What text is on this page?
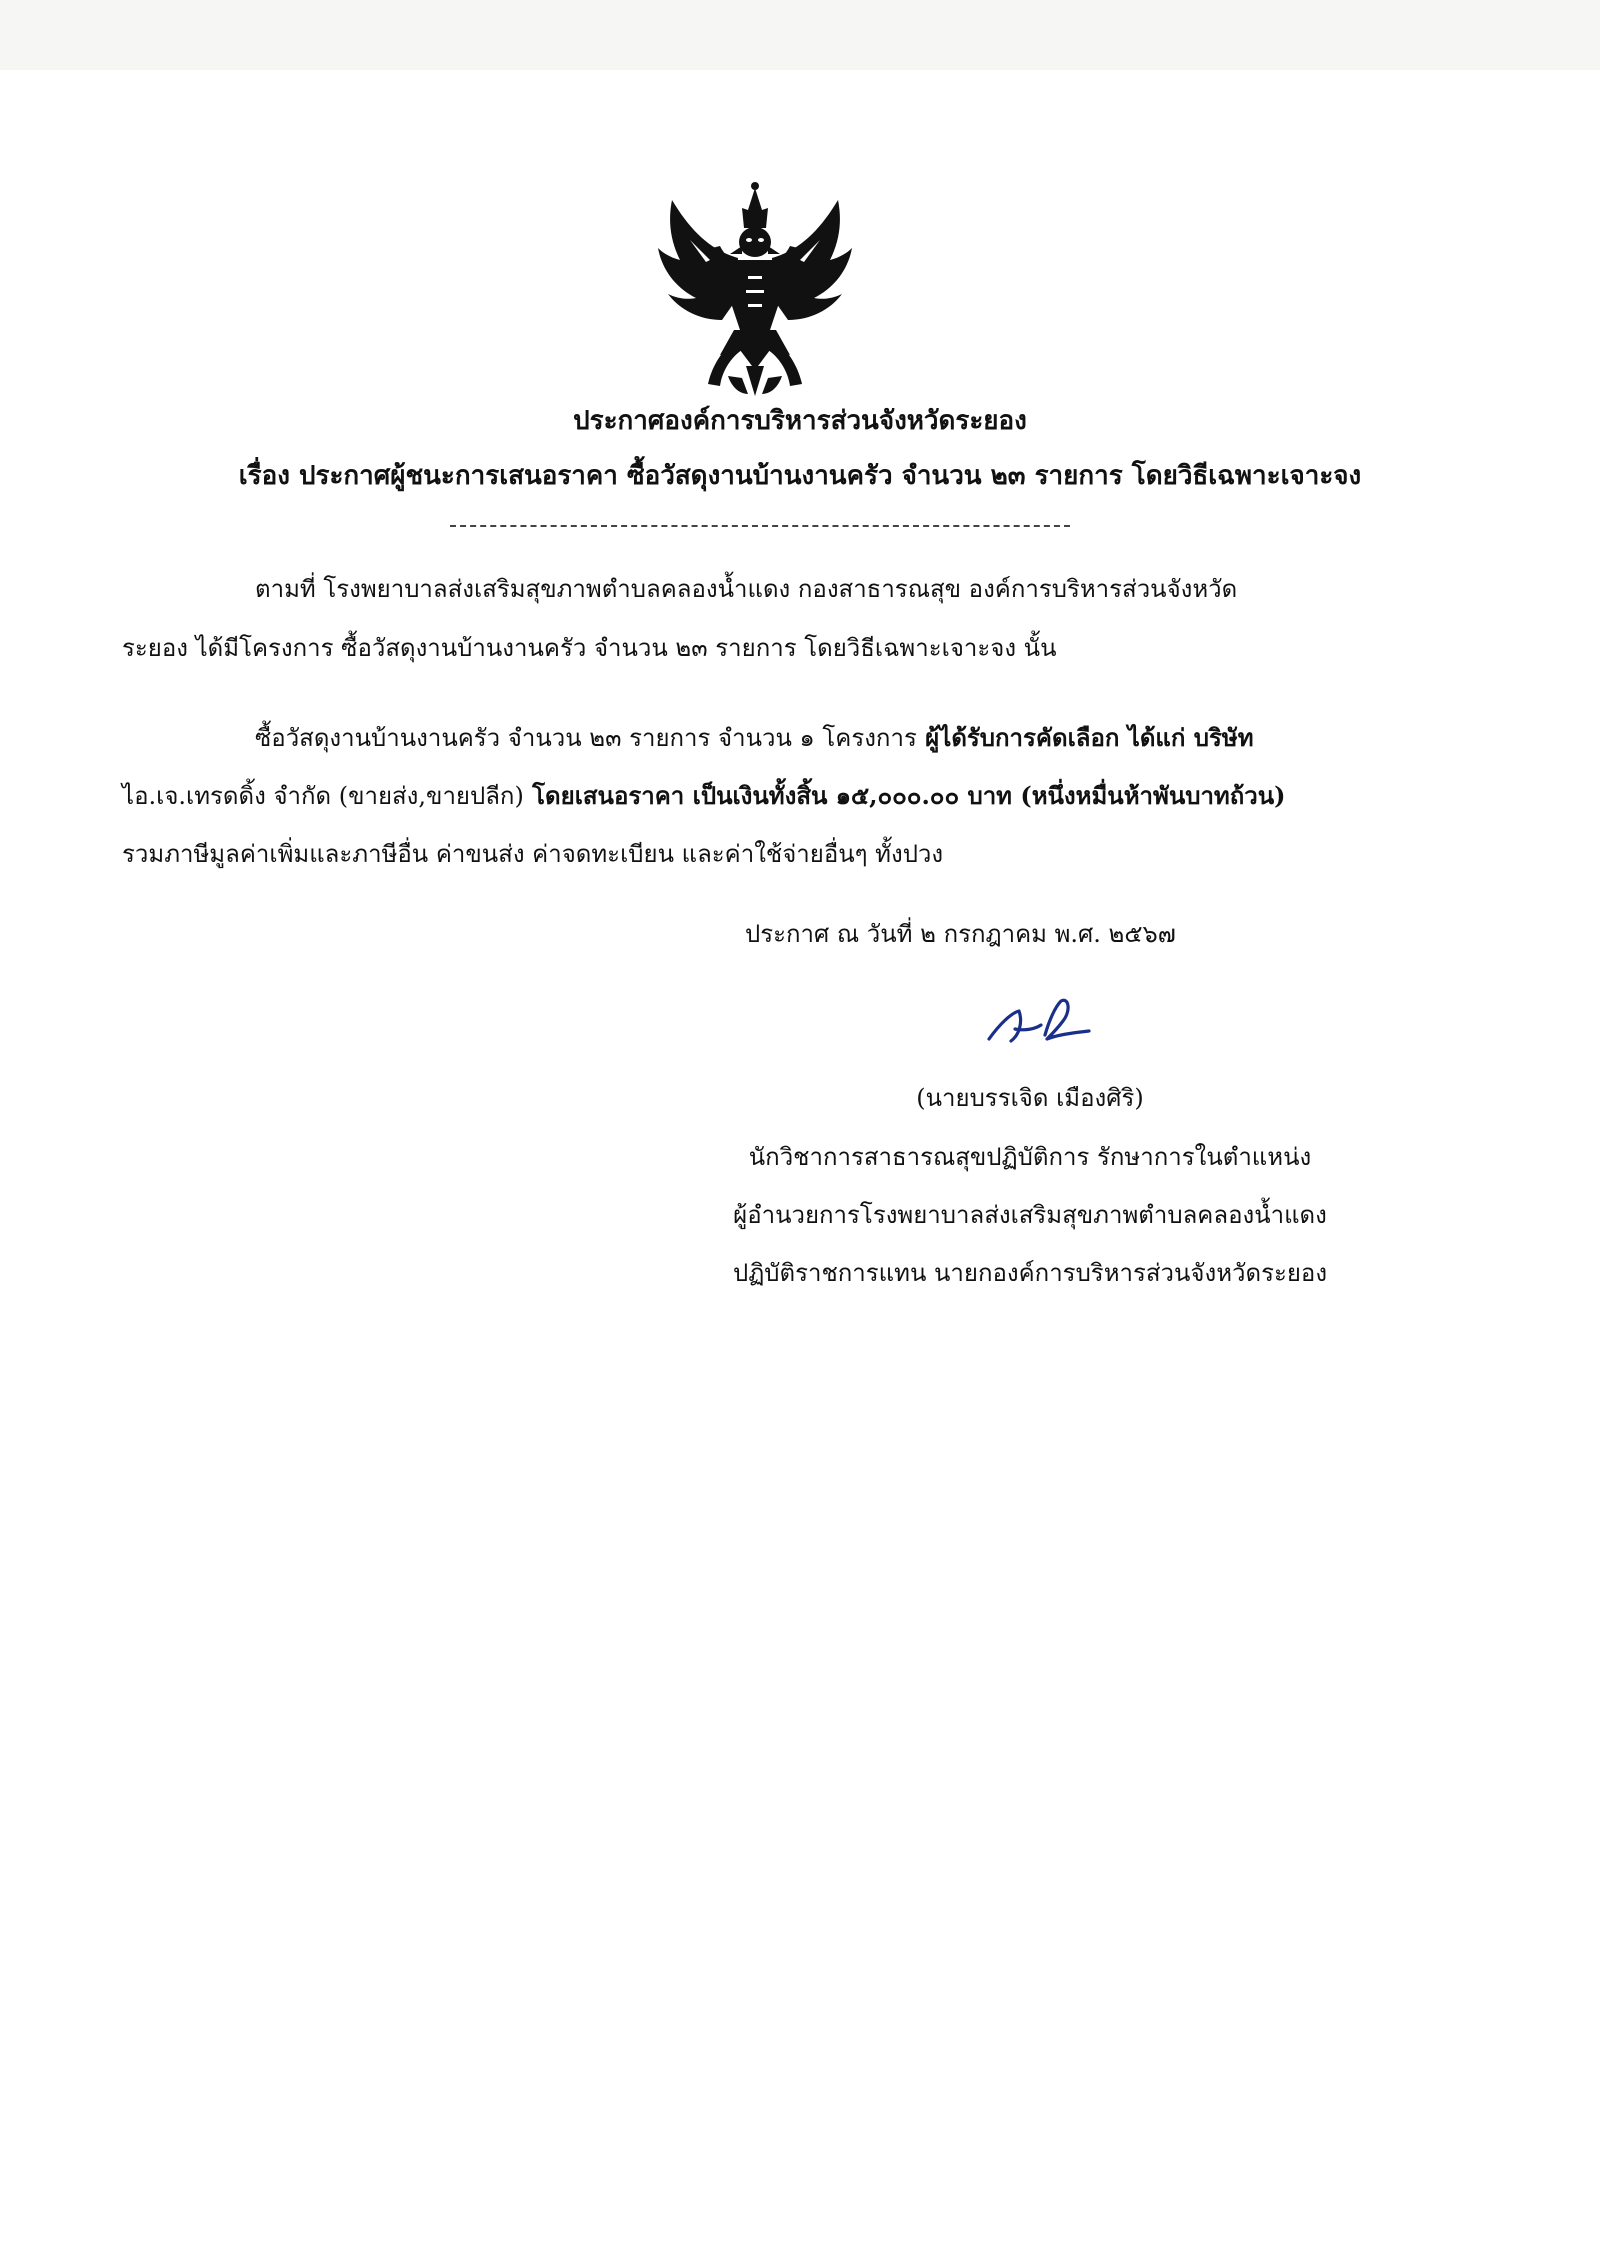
ประกาศองค์การบริหารส่วนจังหวัดระยอง
เรื่อง ประกาศผู้ชนะการเสนอราคา ซื้อวัสดุงานบ้านงานครัว จำนวน ๒๓ รายการ โดยวิธีเฉพาะเจาะจง
ตามที่ โรงพยาบาลส่งเสริมสุขภาพตำบลคลองน้ำแดง กองสาธารณสุข องค์การบริหารส่วนจังหวัด
ระยอง ได้มีโครงการ ซื้อวัสดุงานบ้านงานครัว จำนวน ๒๓ รายการ โดยวิธีเฉพาะเจาะจง นั้น
ซื้อวัสดุงานบ้านงานครัว จำนวน ๒๓ รายการ จำนวน ๑ โครงการ ผู้ได้รับการคัดเลือก ได้แก่ บริษัท
ไอ.เจ.เทรดดิ้ง จำกัด (ขายส่ง,ขายปลีก) โดยเสนอราคา เป็นเงินทั้งสิ้น ๑๕,๐๐๐.๐๐ บาท (หนึ่งหมื่นห้าพันบาทถ้วน)
รวมภาษีมูลค่าเพิ่มและภาษีอื่น ค่าขนส่ง ค่าจดทะเบียน และค่าใช้จ่ายอื่นๆ ทั้งปวง
ประกาศ ณ วันที่ ๒ กรกฎาคม พ.ศ. ๒๕๖๗
(นายบรรเจิด เมืองศิริ)
นักวิชาการสาธารณสุขปฏิบัติการ รักษาการในตำแหน่ง
ผู้อำนวยการโรงพยาบาลส่งเสริมสุขภาพตำบลคลองน้ำแดง
ปฏิบัติราชการแทน นายกองค์การบริหารส่วนจังหวัดระยอง
